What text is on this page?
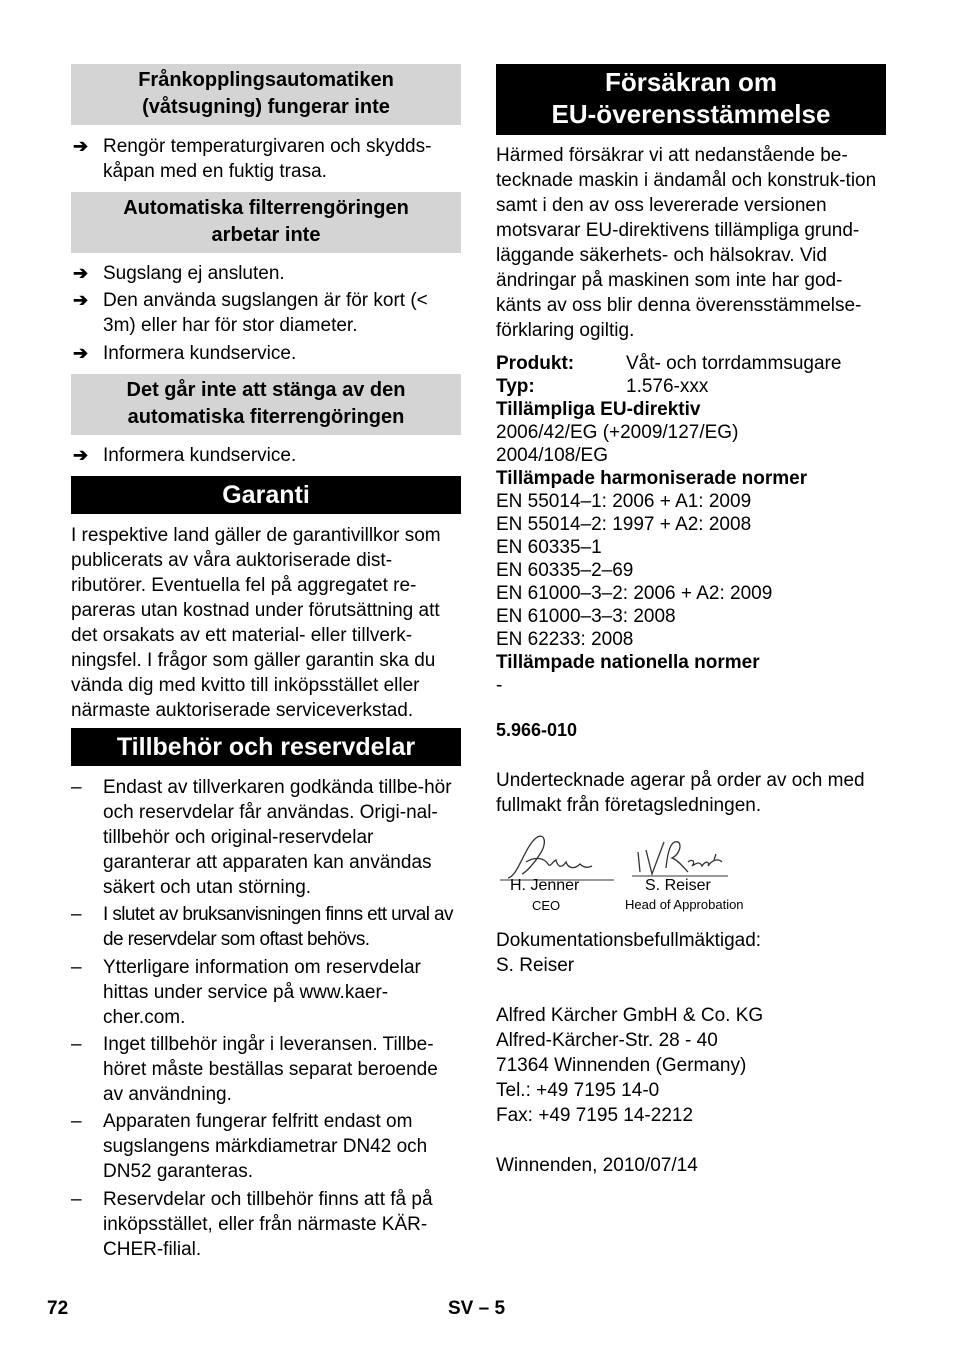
Frånkopplingsautomatiken
(våtsugning) fungerar inte
➔ Rengör temperaturgivaren och skydds-kåpan med en fuktig trasa.
Automatiska filterrengöringen
arbetar inte
➔ Sugslang ej ansluten.
➔ Den använda sugslangen är för kort (< 3m) eller har för stor diameter.
➔ Informera kundservice.
Det går inte att stänga av den
automatiska fiterrengöringen
➔ Informera kundservice.
Garanti

I respektive land gäller de garantivillkor som publicerats av våra auktoriserade dist-ributörer. Eventuella fel på aggregatet re-pareras utan kostnad under förutsättning att det orsakats av ett material- eller tillverk-ningsfel. I frågor som gäller garantin ska du vända dig med kvitto till inköpsstället eller närmaste auktoriserade serviceverkstad.

Tillbehör och reservdelar
– Endast av tillverkaren godkända tillbe-hör och reservdelar får användas. Origi-nal-tillbehör och original-reservdelar garanterar att apparaten kan användas säkert och utan störning.
– I slutet av bruksanvisningen finns ett urval av de reservdelar som oftast behövs.
– Ytterligare information om reservdelar hittas under service på www.kaer-cher.com.
– Inget tillbehör ingår i leveransen. Tillbe-höret måste beställas separat beroende av användning.
– Apparaten fungerar felfritt endast om sugslangens märkdiametrar DN42 och DN52 garanteras.
– Reservdelar och tillbehör finns att få på inköpsstället, eller från närmaste KÄR-CHER-filial.
Försäkran om
EU-överensstämmelse

Härmed försäkrar vi att nedanstående be-tecknade maskin i ändamål och konstruk-tion samt i den av oss levererade versionen motsvarar EU-direktivens tillämpliga grund-läggande säkerhets- och hälsokrav. Vid ändringar på maskinen som inte har god-känts av oss blir denna överensstämmelse-förklaring ogiltig.

Produkt:	Våt- och torrdammsugare
Typ:	1.576-xxx
Tillämpliga EU-direktiv
2006/42/EG (+2009/127/EG)
2004/108/EG
Tillämpade harmoniserade normer
EN 55014–1: 2006 + A1: 2009
EN 55014–2: 1997 + A2: 2008
EN 60335–1
EN 60335–2–69
EN 61000–3–2: 2006 + A2: 2009
EN 61000–3–3: 2008
EN 62233: 2008
Tillämpade nationella normer
-
5.966-010

Undertecknade agerar på order av och med fullmakt från företagsledningen.

H. Jenner
CEO
S. Reiser
Head of Approbation
Dokumentationsbefullmäktigad:
S. Reiser
Alfred Kärcher GmbH & Co. KG
Alfred-Kärcher-Str. 28 - 40
71364 Winnenden (Germany)
Tel.: +49 7195 14-0
Fax: +49 7195 14-2212
Winnenden, 2010/07/14
72	SV – 5
